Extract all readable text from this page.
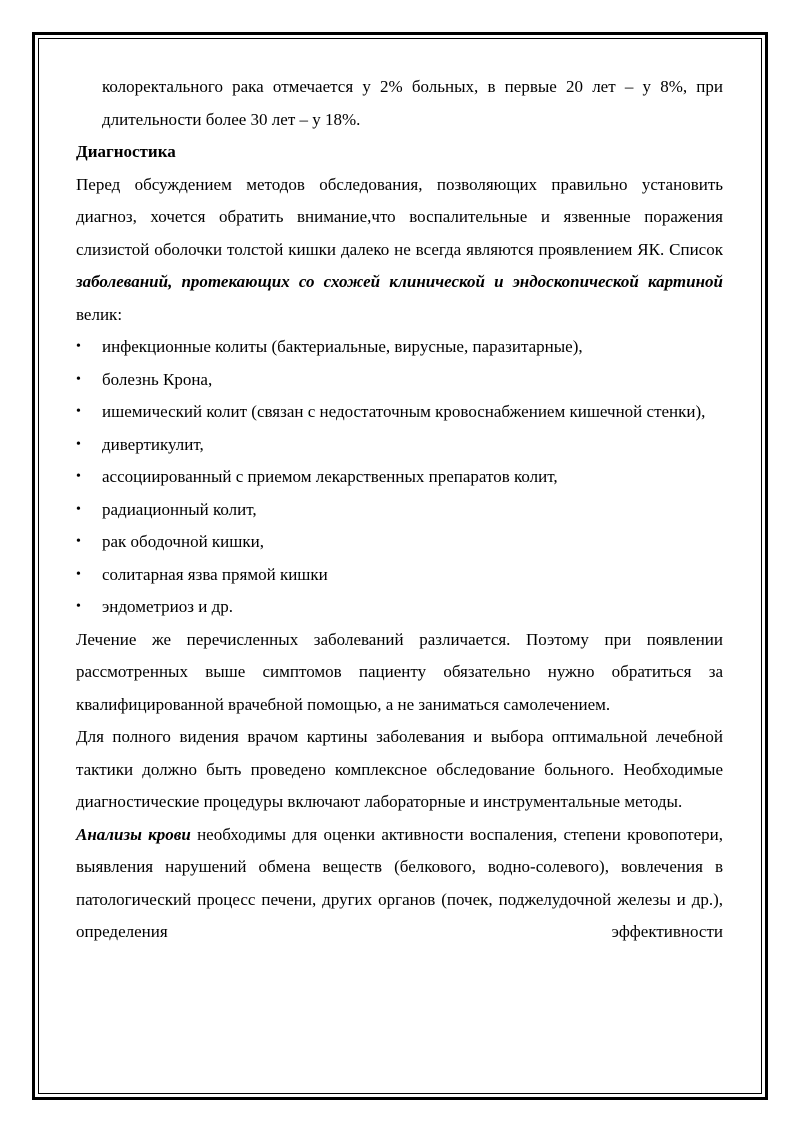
колоректального рака отмечается у 2% больных, в первые 20 лет – у 8%, при длительности более 30 лет – у 18%.

Диагностика

Перед обсуждением методов обследования, позволяющих правильно установить диагноз, хочется обратить внимание,что воспалительные и язвенные поражения слизистой оболочки толстой кишки далеко не всегда являются проявлением ЯК. Список заболеваний, протекающих со схожей клинической и эндоскопической картиной велик:

• инфекционные колиты (бактериальные, вирусные, паразитарные),
• болезнь Крона,
• ишемический колит (связан с недостаточным кровоснабжением кишечной стенки),
• дивертикулит,
• ассоциированный с приемом лекарственных препаратов колит,
• радиационный колит,
• рак ободочной кишки,
• солитарная язва прямой кишки
• эндометриоз и др.

Лечение же перечисленных заболеваний различается. Поэтому при появлении рассмотренных выше симптомов пациенту обязательно нужно обратиться за квалифицированной врачебной помощью, а не заниматься самолечением.

Для полного видения врачом картины заболевания и выбора оптимальной лечебной тактики должно быть проведено комплексное обследование больного. Необходимые диагностические процедуры включают лабораторные и инструментальные методы.

Анализы крови необходимы для оценки активности воспаления, степени кровопотери, выявления нарушений обмена веществ (белкового, водно-солевого), вовлечения в патологический процесс печени, других органов (почек, поджелудочной железы и др.), определения эффективности
